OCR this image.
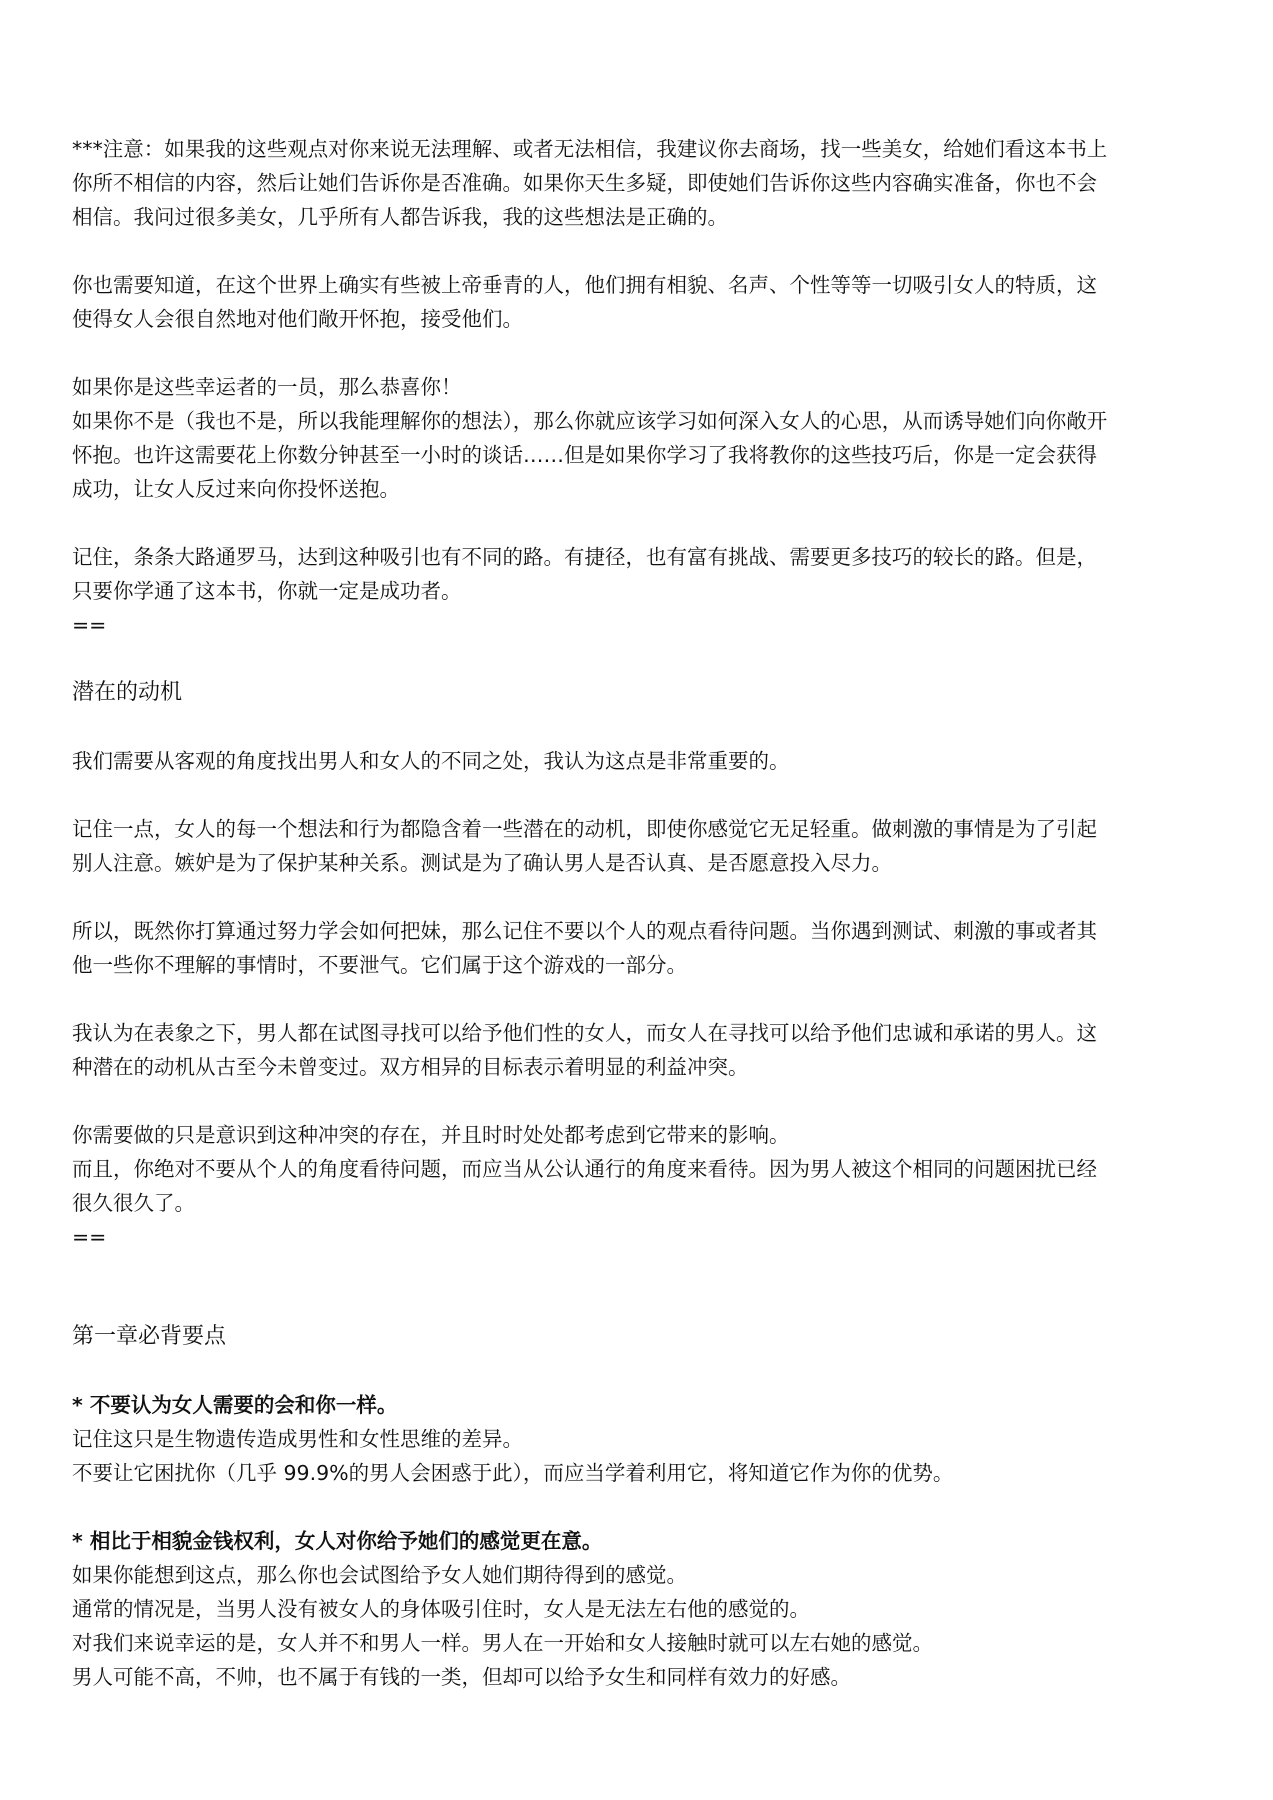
***注意：如果我的这些观点对你来说无法理解、或者无法相信，我建议你去商场，找一些美女，给她们看这本书上
你所不相信的内容，然后让她们告诉你是否准确。如果你天生多疑，即使她们告诉你这些内容确实准备，你也不会
相信。我问过很多美女，几乎所有人都告诉我，我的这些想法是正确的。
你也需要知道，在这个世界上确实有些被上帝垂青的人，他们拥有相貌、名声、个性等等一切吸引女人的特质，这
使得女人会很自然地对他们敞开怀抱，接受他们。
如果你是这些幸运者的一员，那么恭喜你！
如果你不是（我也不是，所以我能理解你的想法），那么你就应该学习如何深入女人的心思，从而诱导她们向你敞开
怀抱。也许这需要花上你数分钟甚至一小时的谈话……但是如果你学习了我将教你的这些技巧后，你是一定会获得
成功，让女人反过来向你投怀送抱。
记住，条条大路通罗马，达到这种吸引也有不同的路。有捷径，也有富有挑战、需要更多技巧的较长的路。但是，
只要你学通了这本书，你就一定是成功者。
==
潜在的动机
我们需要从客观的角度找出男人和女人的不同之处，我认为这点是非常重要的。
记住一点，女人的每一个想法和行为都隐含着一些潜在的动机，即使你感觉它无足轻重。做刺激的事情是为了引起
别人注意。嫉妒是为了保护某种关系。测试是为了确认男人是否认真、是否愿意投入尽力。
所以，既然你打算通过努力学会如何把妹，那么记住不要以个人的观点看待问题。当你遇到测试、刺激的事或者其
他一些你不理解的事情时，不要泄气。它们属于这个游戏的一部分。
我认为在表象之下，男人都在试图寻找可以给予他们性的女人，而女人在寻找可以给予他们忠诚和承诺的男人。这
种潜在的动机从古至今未曾变过。双方相异的目标表示着明显的利益冲突。
你需要做的只是意识到这种冲突的存在，并且时时处处都考虑到它带来的影响。
而且，你绝对不要从个人的角度看待问题，而应当从公认通行的角度来看待。因为男人被这个相同的问题困扰已经
很久很久了。
==
第一章必背要点
* 不要认为女人需要的会和你一样。
记住这只是生物遗传造成男性和女性思维的差异。
不要让它困扰你（几乎 99.9%的男人会困惑于此），而应当学着利用它，将知道它作为你的优势。
* 相比于相貌金钱权利，女人对你给予她们的感觉更在意。
如果你能想到这点，那么你也会试图给予女人她们期待得到的感觉。
通常的情况是，当男人没有被女人的身体吸引住时，女人是无法左右他的感觉的。
对我们来说幸运的是，女人并不和男人一样。男人在一开始和女人接触时就可以左右她的感觉。
男人可能不高，不帅，也不属于有钱的一类，但却可以给予女生和同样有效力的好感。
